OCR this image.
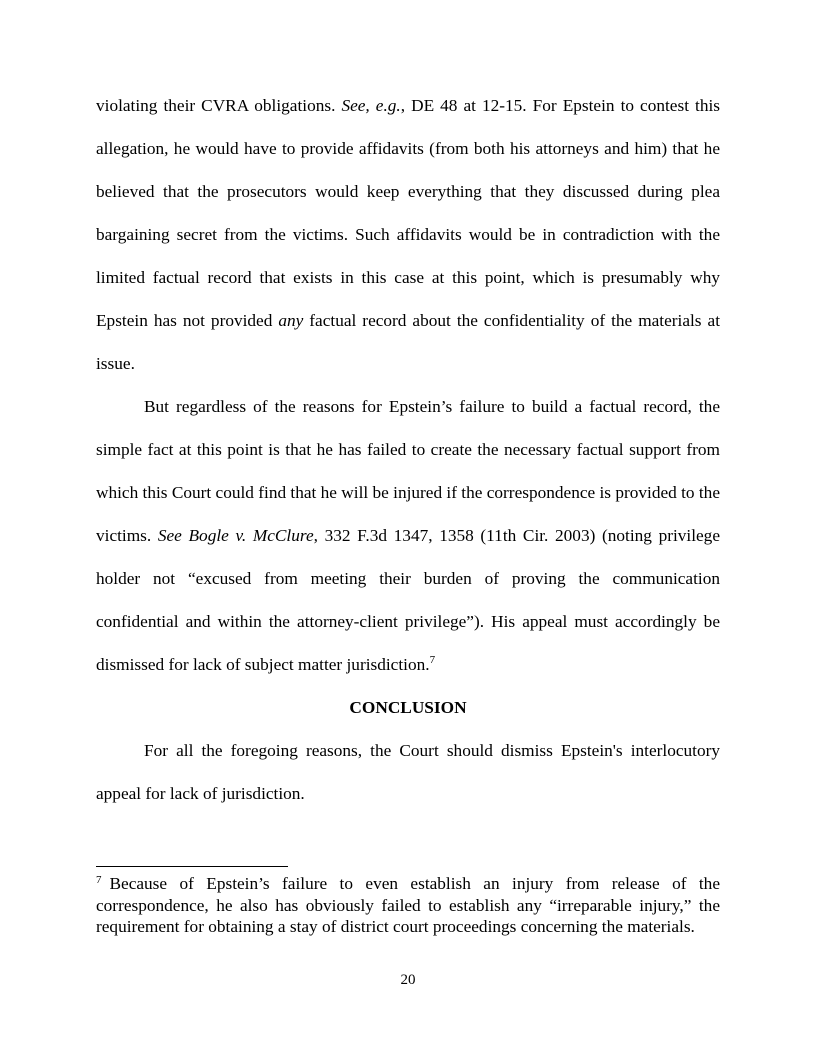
violating their CVRA obligations. See, e.g., DE 48 at 12-15. For Epstein to contest this allegation, he would have to provide affidavits (from both his attorneys and him) that he believed that the prosecutors would keep everything that they discussed during plea bargaining secret from the victims. Such affidavits would be in contradiction with the limited factual record that exists in this case at this point, which is presumably why Epstein has not provided any factual record about the confidentiality of the materials at issue.

But regardless of the reasons for Epstein’s failure to build a factual record, the simple fact at this point is that he has failed to create the necessary factual support from which this Court could find that he will be injured if the correspondence is provided to the victims. See Bogle v. McClure, 332 F.3d 1347, 1358 (11th Cir. 2003) (noting privilege holder not “excused from meeting their burden of proving the communication confidential and within the attorney-client privilege”). His appeal must accordingly be dismissed for lack of subject matter jurisdiction.$^7$

CONCLUSION

For all the foregoing reasons, the Court should dismiss Epstein's interlocutory appeal for lack of jurisdiction.

$^7$ Because of Epstein’s failure to even establish an injury from release of the correspondence, he also has obviously failed to establish any “irreparable injury,” the requirement for obtaining a stay of district court proceedings concerning the materials.

20
